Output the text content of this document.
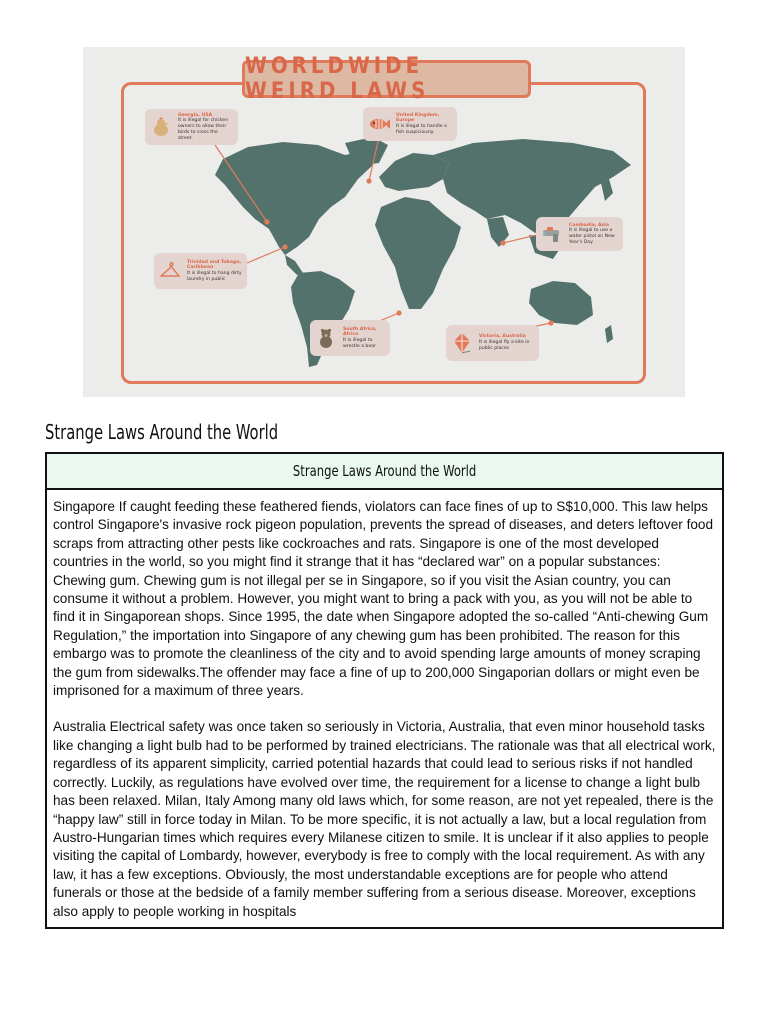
WORLDWIDE WEIRD LAWS
Georgia, USA
It is illegal for chicken owners to allow their birds to cross the street.
United Kingdom, Europe
It is illegal to handle a fish suspiciously.
Cambodia, Asia
It is illegal to use a water pistol on New Year's Day
Trinidad and Tobago, Caribbean
It is illegal to hang dirty laundry in public
South Africa, Africa
It is illegal to wrestle a bear
Victoria, Australia
It is illegal fly a kite in public places
Strange Laws Around the World
Strange Laws Around the World

Singapore If caught feeding these feathered fiends, violators can face fines of up to S$10,000. This law helps control Singapore's invasive rock pigeon population, prevents the spread of diseases, and deters leftover food scraps from attracting other pests like cockroaches and rats. Singapore is one of the most developed countries in the world, so you might find it strange that it has “declared war” on a popular substances: Chewing gum. Chewing gum is not illegal per se in Singapore, so if you visit the Asian country, you can consume it without a problem. However, you might want to bring a pack with you, as you will not be able to find it in Singaporean shops. Since 1995, the date when Singapore adopted the so-called “Anti-chewing Gum Regulation,” the importation into Singapore of any chewing gum has been prohibited. The reason for this embargo was to promote the cleanliness of the city and to avoid spending large amounts of money scraping the gum from sidewalks.The offender may face a fine of up to 200,000 Singaporian dollars or might even be imprisoned for a maximum of three years.

Australia Electrical safety was once taken so seriously in Victoria, Australia, that even minor household tasks like changing a light bulb had to be performed by trained electricians. The rationale was that all electrical work, regardless of its apparent simplicity, carried potential hazards that could lead to serious risks if not handled correctly. Luckily, as regulations have evolved over time, the requirement for a license to change a light bulb has been relaxed. Milan, Italy Among many old laws which, for some reason, are not yet repealed, there is the “happy law” still in force today in Milan. To be more specific, it is not actually a law, but a local regulation from Austro-Hungarian times which requires every Milanese citizen to smile. It is unclear if it also applies to people visiting the capital of Lombardy, however, everybody is free to comply with the local requirement. As with any law, it has a few exceptions. Obviously, the most understandable exceptions are for people who attend funerals or those at the bedside of a family member suffering from a serious disease. Moreover, exceptions also apply to people working in hospitals
